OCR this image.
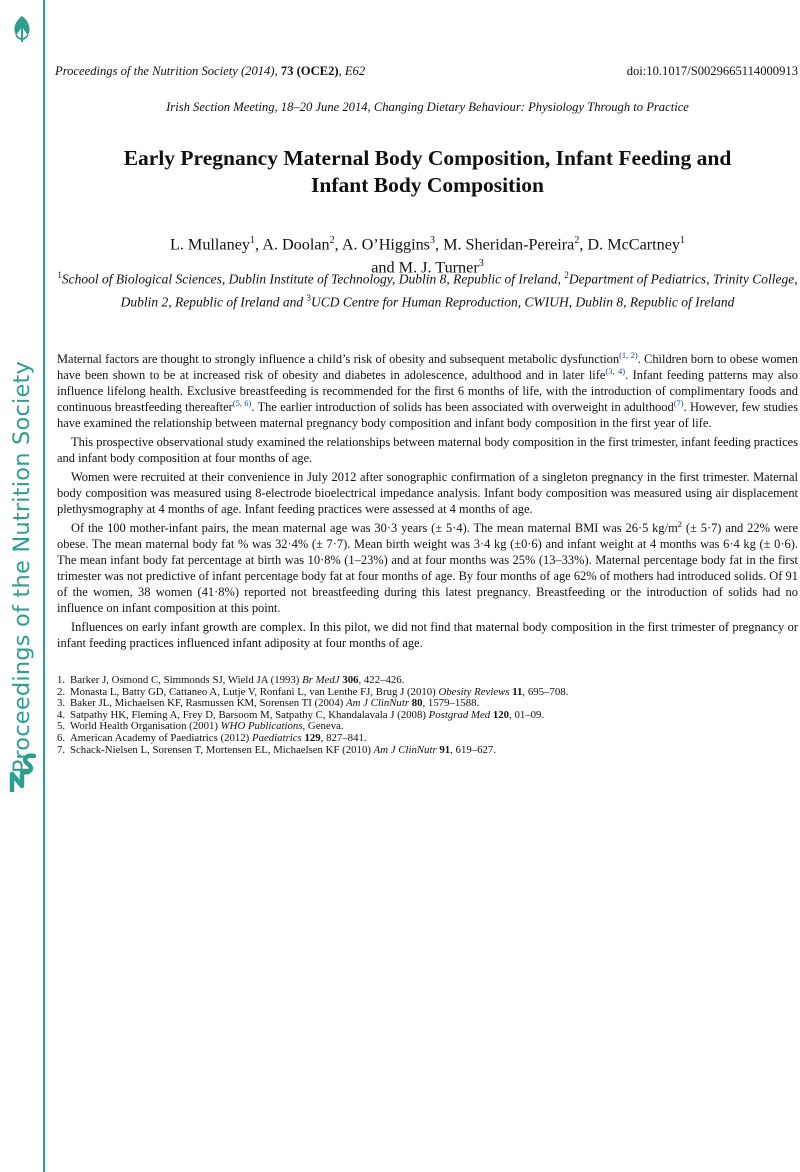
Proceedings of the Nutrition Society
Proceedings of the Nutrition Society (2014), 73 (OCE2), E62	doi:10.1017/S0029665114000913
Irish Section Meeting, 18–20 June 2014, Changing Dietary Behaviour: Physiology Through to Practice
Early Pregnancy Maternal Body Composition, Infant Feeding and
Infant Body Composition
L. Mullaney$^1$, A. Doolan$^2$, A. O’Higgins$^3$, M. Sheridan-Pereira$^2$, D. McCartney$^1$
and M. J. Turner$^3$
$^1$School of Biological Sciences, Dublin Institute of Technology, Dublin 8, Republic of Ireland, $^2$Department of Pediatrics, Trinity College, Dublin 2, Republic of Ireland and $^3$UCD Centre for Human Reproduction, CWIUH, Dublin 8, Republic of Ireland

Maternal factors are thought to strongly influence a child’s risk of obesity and subsequent metabolic dysfunction$^{(1, 2)}$. Children born to obese women have been shown to be at increased risk of obesity and diabetes in adolescence, adulthood and in later life$^{(3, 4)}$. Infant feeding patterns may also influence lifelong health. Exclusive breastfeeding is recommended for the first 6 months of life, with the introduction of complimentary foods and continuous breastfeeding thereafter$^{(5, 6)}$. The earlier introduction of solids has been associated with overweight in adulthood$^{(7)}$. However, few studies have examined the relationship between maternal pregnancy body composition and infant body composition in the first year of life.

This prospective observational study examined the relationships between maternal body composition in the first trimester, infant feeding practices and infant body composition at four months of age.

Women were recruited at their convenience in July 2012 after sonographic confirmation of a singleton pregnancy in the first trimester. Maternal body composition was measured using 8-electrode bioelectrical impedance analysis. Infant body composition was measured using air displacement plethysmography at 4 months of age. Infant feeding practices were assessed at 4 months of age.

Of the 100 mother-infant pairs, the mean maternal age was 30·3 years (± 5·4). The mean maternal BMI was 26·5 $kg/m^2$ (± 5·7) and 22% were obese. The mean maternal body fat % was 32·4% (± 7·7). Mean birth weight was 3·4 kg (±0·6) and infant weight at 4 months was 6·4 kg (± 0·6). The mean infant body fat percentage at birth was 10·8% (1–23%) and at four months was 25% (13–33%). Maternal percentage body fat in the first trimester was not predictive of infant percentage body fat at four months of age. By four months of age 62% of mothers had introduced solids. Of 91 of the women, 38 women (41·8%) reported not breastfeeding during this latest pregnancy. Breastfeeding or the introduction of solids had no influence on infant composition at this point.

Influences on early infant growth are complex. In this pilot, we did not find that maternal body composition in the first trimester of pregnancy or infant feeding practices influenced infant adiposity at four months of age.

1. Barker J, Osmond C, Simmonds SJ, Wield JA (1993) Br MedJ 306, 422–426.
2. Monasta L, Batty GD, Cattaneo A, Lutje V, Ronfani L, van Lenthe FJ, Brug J (2010) Obesity Reviews 11, 695–708.
3. Baker JL, Michaelsen KF, Rasmussen KM, Sorensen TI (2004) Am J ClinNutr 80, 1579–1588.
4. Satpathy HK, Fleming A, Frey D, Barsoom M, Satpathy C, Khandalavala J (2008) Postgrad Med 120, 01–09.
5. World Health Organisation (2001) WHO Publications, Geneva.
6. American Academy of Paediatrics (2012) Paediatrics 129, 827–841.
7. Schack-Nielsen L, Sorensen T, Mortensen EL, Michaelsen KF (2010) Am J ClinNutr 91, 619–627.
